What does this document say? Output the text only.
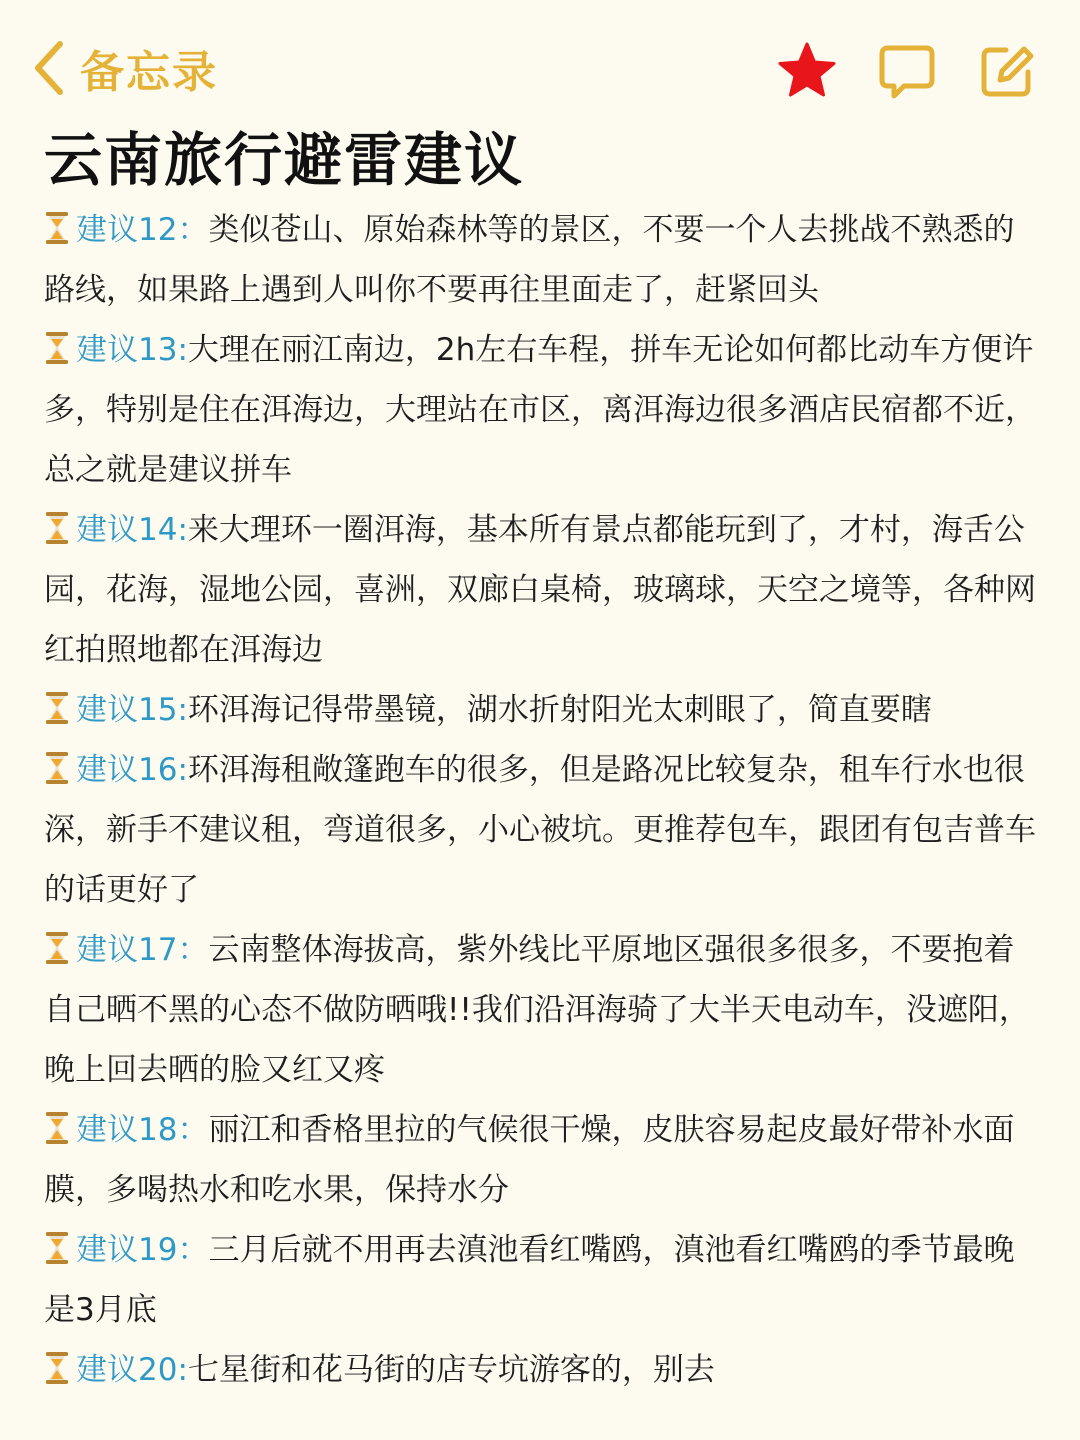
备忘录
云南旅行避雷建议

建议12：类似苍山、原始森林等的景区，不要一个人去挑战不熟悉的路线，如果路上遇到人叫你不要再往里面走了，赶紧回头

建议13:大理在丽江南边，2h左右车程，拼车无论如何都比动车方便许多，特别是住在洱海边，大理站在市区，离洱海边很多酒店民宿都不近，总之就是建议拼车

建议14:来大理环一圈洱海，基本所有景点都能玩到了，才村，海舌公园，花海，湿地公园，喜洲，双廊白桌椅，玻璃球，天空之境等，各种网红拍照地都在洱海边

建议15:环洱海记得带墨镜，湖水折射阳光太刺眼了，简直要瞎

建议16:环洱海租敞篷跑车的很多，但是路况比较复杂，租车行水也很深，新手不建议租，弯道很多，小心被坑。更推荐包车，跟团有包吉普车的话更好了

建议17：云南整体海拔高，紫外线比平原地区强很多很多，不要抱着自己晒不黑的心态不做防晒哦!!我们沿洱海骑了大半天电动车，没遮阳，晚上回去晒的脸又红又疼

建议18：丽江和香格里拉的气候很干燥，皮肤容易起皮最好带补水面膜，多喝热水和吃水果，保持水分

建议19：三月后就不用再去滇池看红嘴鸥，滇池看红嘴鸥的季节最晚是3月底

建议20:七星街和花马街的店专坑游客的，别去
